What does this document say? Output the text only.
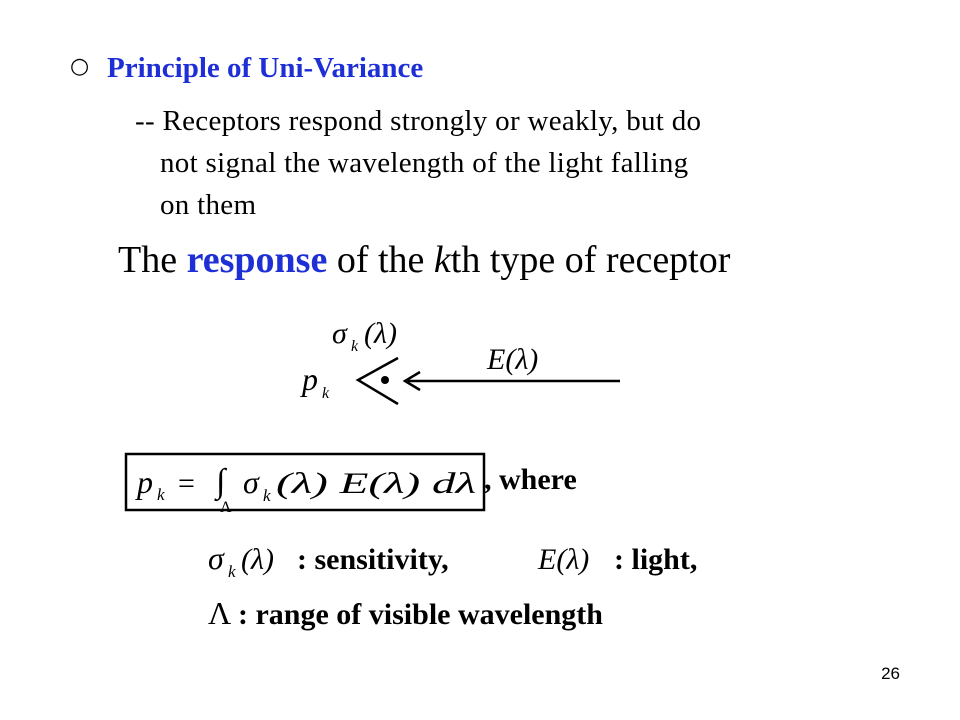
○ Principle of Uni-Variance
-- Receptors respond strongly or weakly, but do
not signal the wavelength of the light falling
on them
The response of the kth type of receptor
σ k (λ)
p k
E(λ)
p k = ∫
Λ
σ k (λ) E(λ) dλ , where
σ k (λ) : sensitivity,	E(λ) : light,
Λ : range of visible wavelength
26
